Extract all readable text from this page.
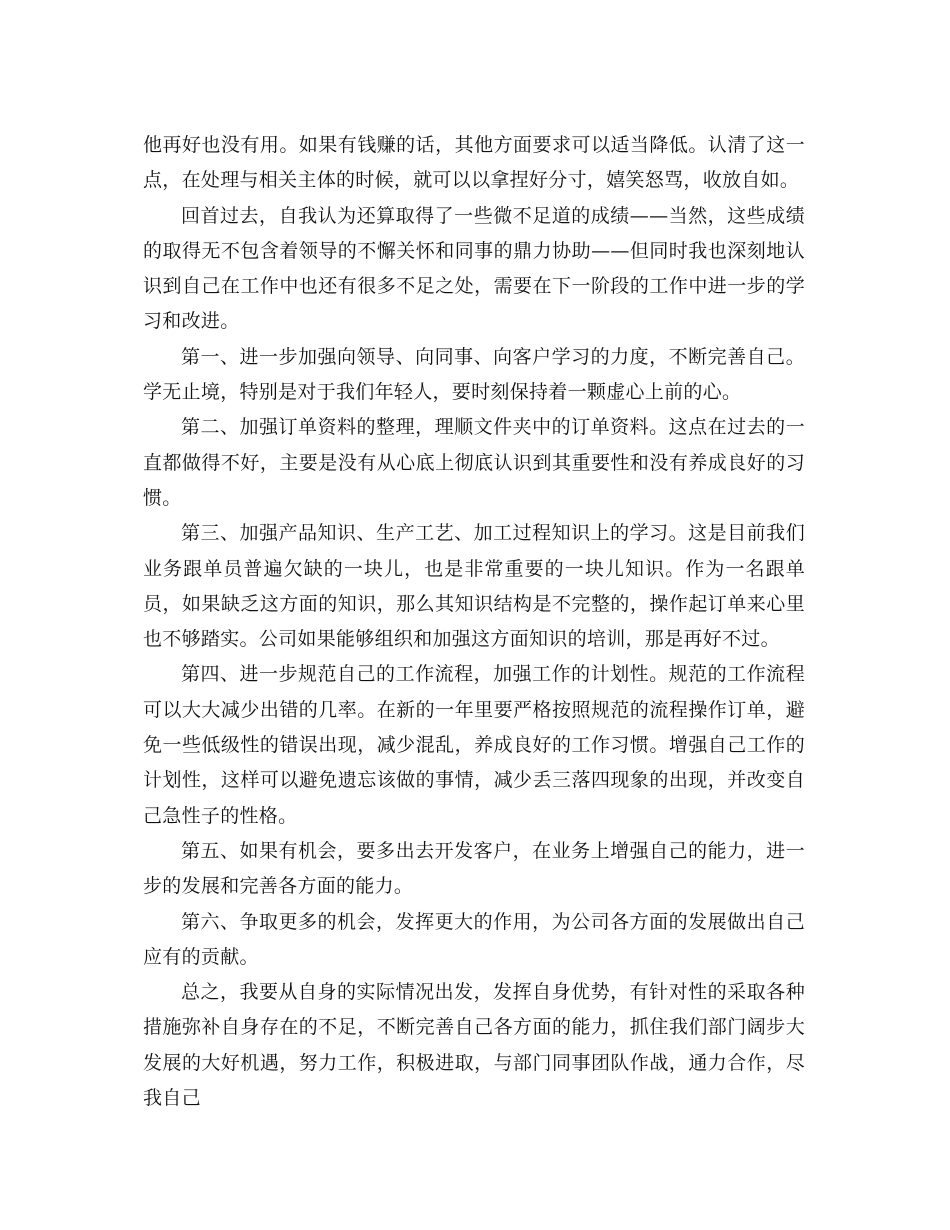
他再好也没有用。如果有钱赚的话，其他方面要求可以适当降低。认清了这一点，在处理与相关主体的时候，就可以以拿捏好分寸，嬉笑怒骂，收放自如。

回首过去，自我认为还算取得了一些微不足道的成绩——当然，这些成绩的取得无不包含着领导的不懈关怀和同事的鼎力协助——但同时我也深刻地认识到自己在工作中也还有很多不足之处，需要在下一阶段的工作中进一步的学习和改进。

第一、进一步加强向领导、向同事、向客户学习的力度，不断完善自己。学无止境，特别是对于我们年轻人，要时刻保持着一颗虚心上前的心。

第二、加强订单资料的整理，理顺文件夹中的订单资料。这点在过去的一直都做得不好，主要是没有从心底上彻底认识到其重要性和没有养成良好的习惯。

第三、加强产品知识、生产工艺、加工过程知识上的学习。这是目前我们业务跟单员普遍欠缺的一块儿，也是非常重要的一块儿知识。作为一名跟单员，如果缺乏这方面的知识，那么其知识结构是不完整的，操作起订单来心里也不够踏实。公司如果能够组织和加强这方面知识的培训，那是再好不过。

第四、进一步规范自己的工作流程，加强工作的计划性。规范的工作流程可以大大减少出错的几率。在新的一年里要严格按照规范的流程操作订单，避免一些低级性的错误出现，减少混乱，养成良好的工作习惯。增强自己工作的计划性，这样可以避免遗忘该做的事情，减少丢三落四现象的出现，并改变自己急性子的性格。

第五、如果有机会，要多出去开发客户，在业务上增强自己的能力，进一步的发展和完善各方面的能力。

第六、争取更多的机会，发挥更大的作用，为公司各方面的发展做出自己应有的贡献。

总之，我要从自身的实际情况出发，发挥自身优势，有针对性的采取各种措施弥补自身存在的不足，不断完善自己各方面的能力，抓住我们部门阔步大发展的大好机遇，努力工作，积极进取，与部门同事团队作战，通力合作，尽我自己
